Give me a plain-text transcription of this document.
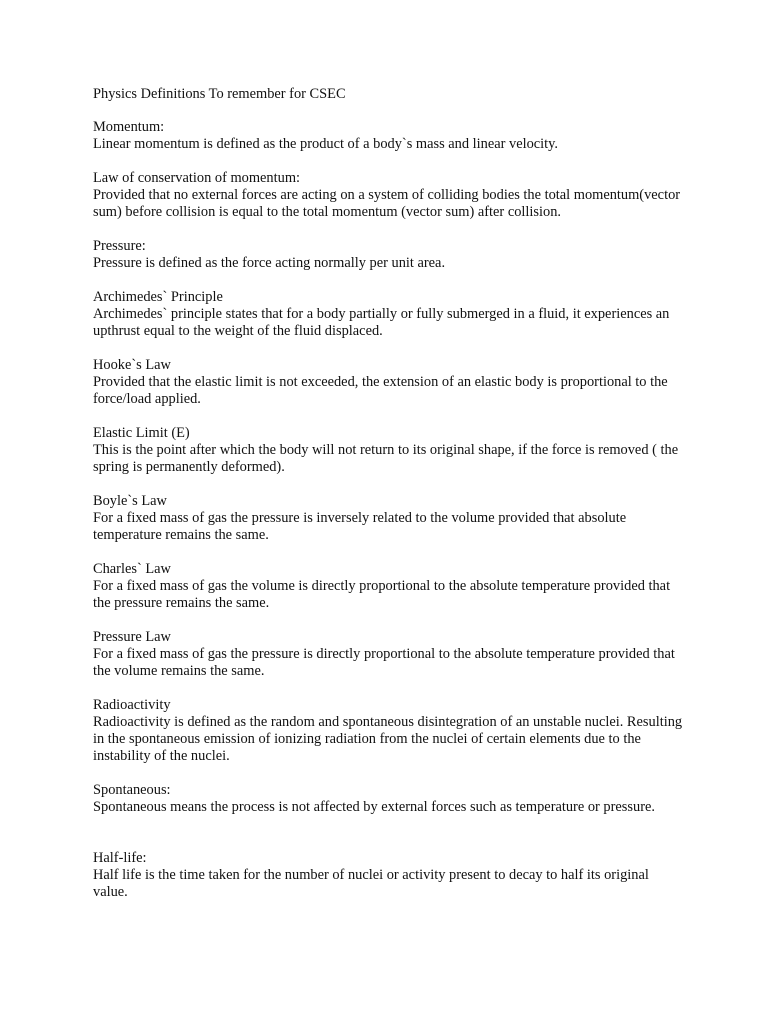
Physics Definitions To remember for CSEC

Momentum:
Linear momentum is defined as the product of a body`s mass and linear velocity.
Law of conservation of momentum:
Provided that no external forces are acting on a system of colliding bodies the total momentum(vector sum) before collision is equal to the total momentum (vector sum) after collision.
Pressure:
Pressure is defined as the force acting normally per unit area.
Archimedes` Principle
Archimedes` principle states that for a body partially or fully submerged in a fluid, it experiences an upthrust equal to the weight of the fluid displaced.
Hooke`s Law
Provided that the elastic limit is not exceeded, the extension of an elastic body is proportional to the force/load applied.
Elastic Limit (E)
This is the point after which the body will not return to its original shape, if the force is removed ( the spring is permanently deformed).
Boyle`s Law
For a fixed mass of gas the pressure is inversely related to the volume provided that absolute temperature remains the same.
Charles` Law
For a fixed mass of gas the volume is directly proportional to the absolute temperature provided that the pressure remains the same.
Pressure Law
For a fixed mass of gas the pressure is directly proportional to the absolute temperature provided that the volume remains the same.
Radioactivity
Radioactivity is defined as the random and spontaneous disintegration of an unstable nuclei. Resulting in the spontaneous emission of ionizing radiation from the nuclei of certain elements due to the instability of the nuclei.
Spontaneous:
Spontaneous means the process is not affected by external forces such as temperature or pressure.
Half-life:
Half life is the time taken for the number of nuclei or activity present to decay to half its original value.
